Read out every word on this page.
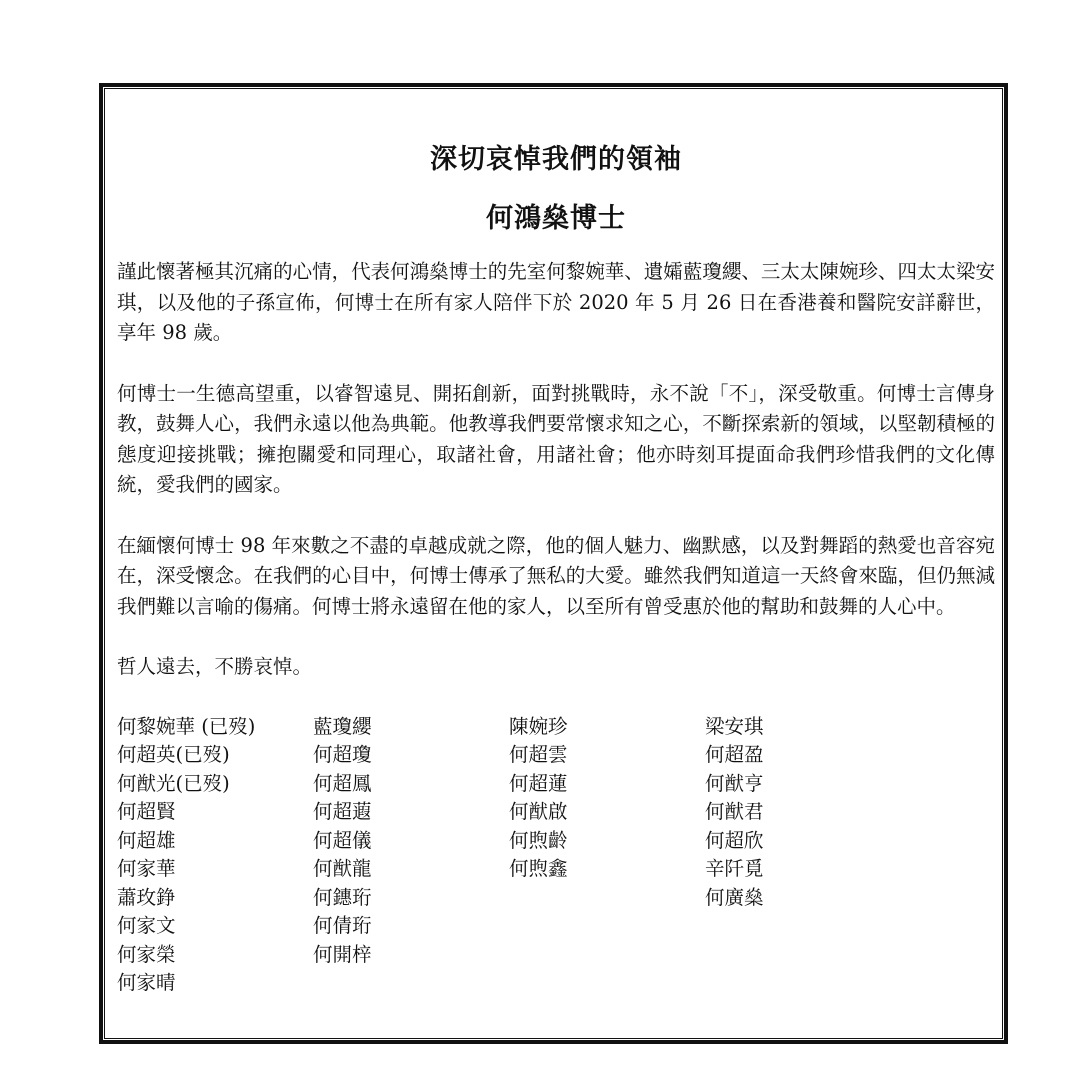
深切哀悼我們的領袖
何鴻燊博士

謹此懷著極其沉痛的心情，代表何鴻燊博士的先室何黎婉華、遺孀藍瓊纓、三太太陳婉珍、四太太梁安琪，以及他的子孫宣佈，何博士在所有家人陪伴下於 2020 年 5 月 26 日在香港養和醫院安詳辭世，享年 98 歲。

何博士一生德高望重，以睿智遠見、開拓創新，面對挑戰時，永不說「不」，深受敬重。何博士言傳身教，鼓舞人心，我們永遠以他為典範。他教導我們要常懷求知之心，不斷探索新的領域，以堅韌積極的態度迎接挑戰；擁抱關愛和同理心，取諸社會，用諸社會；他亦時刻耳提面命我們珍惜我們的文化傳統，愛我們的國家。

在緬懷何博士 98 年來數之不盡的卓越成就之際，他的個人魅力、幽默感，以及對舞蹈的熱愛也音容宛在，深受懷念。在我們的心目中，何博士傳承了無私的大愛。雖然我們知道這一天終會來臨，但仍無減我們難以言喻的傷痛。何博士將永遠留在他的家人，以至所有曾受惠於他的幫助和鼓舞的人心中。

哲人遠去，不勝哀悼。

何黎婉華 (已歿)
何超英(已歿)
何猷光(已歿)
何超賢
何超雄
何家華
蕭玫錚
何家文
何家榮
何家晴
藍瓊纓
何超瓊
何超鳳
何超蕸
何超儀
何猷龍
何鏸珩
何倩珩
何開梓
陳婉珍
何超雲
何超蓮
何猷啟
何煦齡
何煦鑫
梁安琪
何超盈
何猷亨
何猷君
何超欣
辛阡覓
何廣燊
